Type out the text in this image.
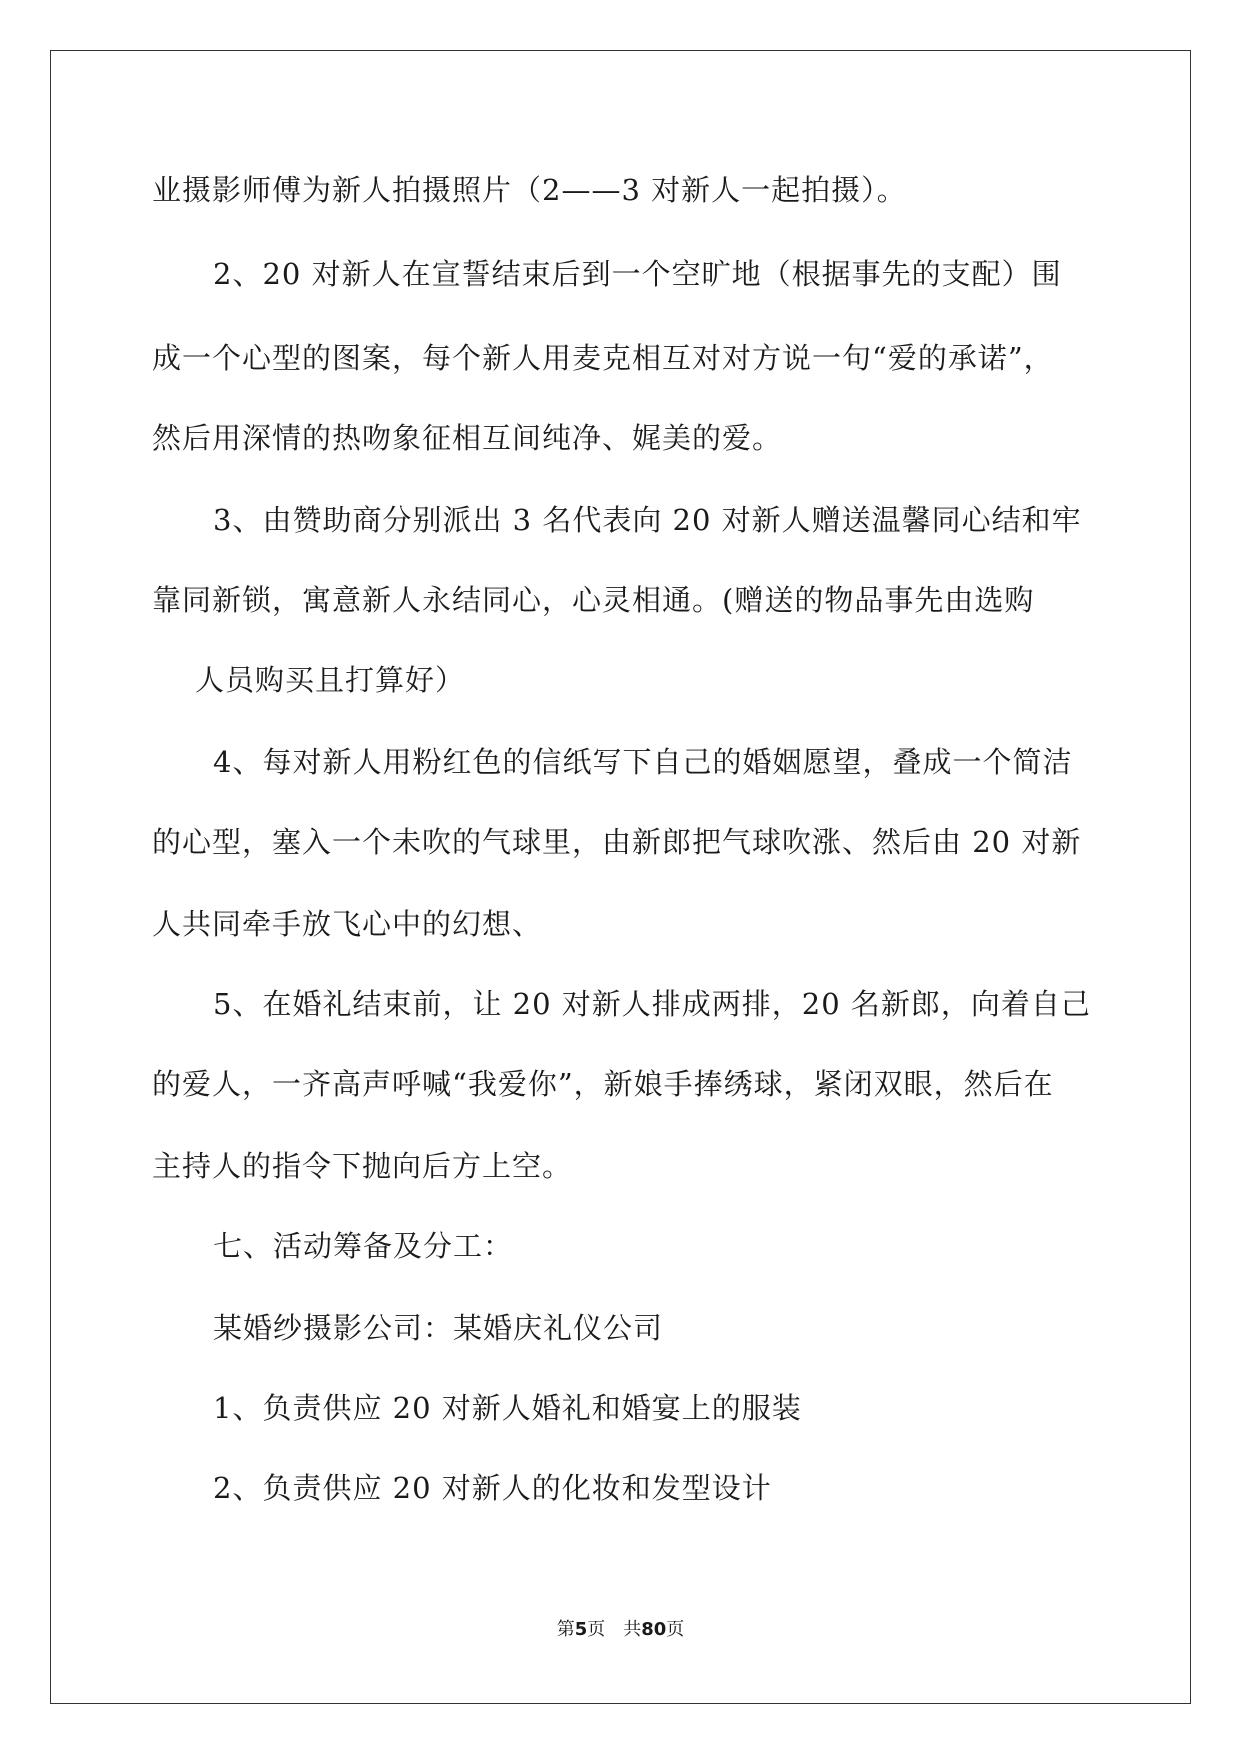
业摄影师傅为新人拍摄照片（2——3 对新人一起拍摄）。
2、20 对新人在宣誓结束后到一个空旷地（根据事先的支配）围
成一个心型的图案，每个新人用麦克相互对对方说一句“爱的承诺”，
然后用深情的热吻象征相互间纯净、娓美的爱。
3、由赞助商分别派出 3 名代表向 20 对新人赠送温馨同心结和牢
靠同新锁，寓意新人永结同心，心灵相通。(赠送的物品事先由选购
人员购买且打算好）
4、每对新人用粉红色的信纸写下自己的婚姻愿望，叠成一个简洁
的心型，塞入一个未吹的气球里，由新郎把气球吹涨、然后由 20 对新
人共同牵手放飞心中的幻想、
5、在婚礼结束前，让 20 对新人排成两排，20 名新郎，向着自己
的爱人，一齐高声呼喊“我爱你”，新娘手捧绣球，紧闭双眼，然后在
主持人的指令下抛向后方上空。
七、活动筹备及分工：
某婚纱摄影公司：某婚庆礼仪公司
1、负责供应 20 对新人婚礼和婚宴上的服装
2、负责供应 20 对新人的化妆和发型设计
第5页　共80页
